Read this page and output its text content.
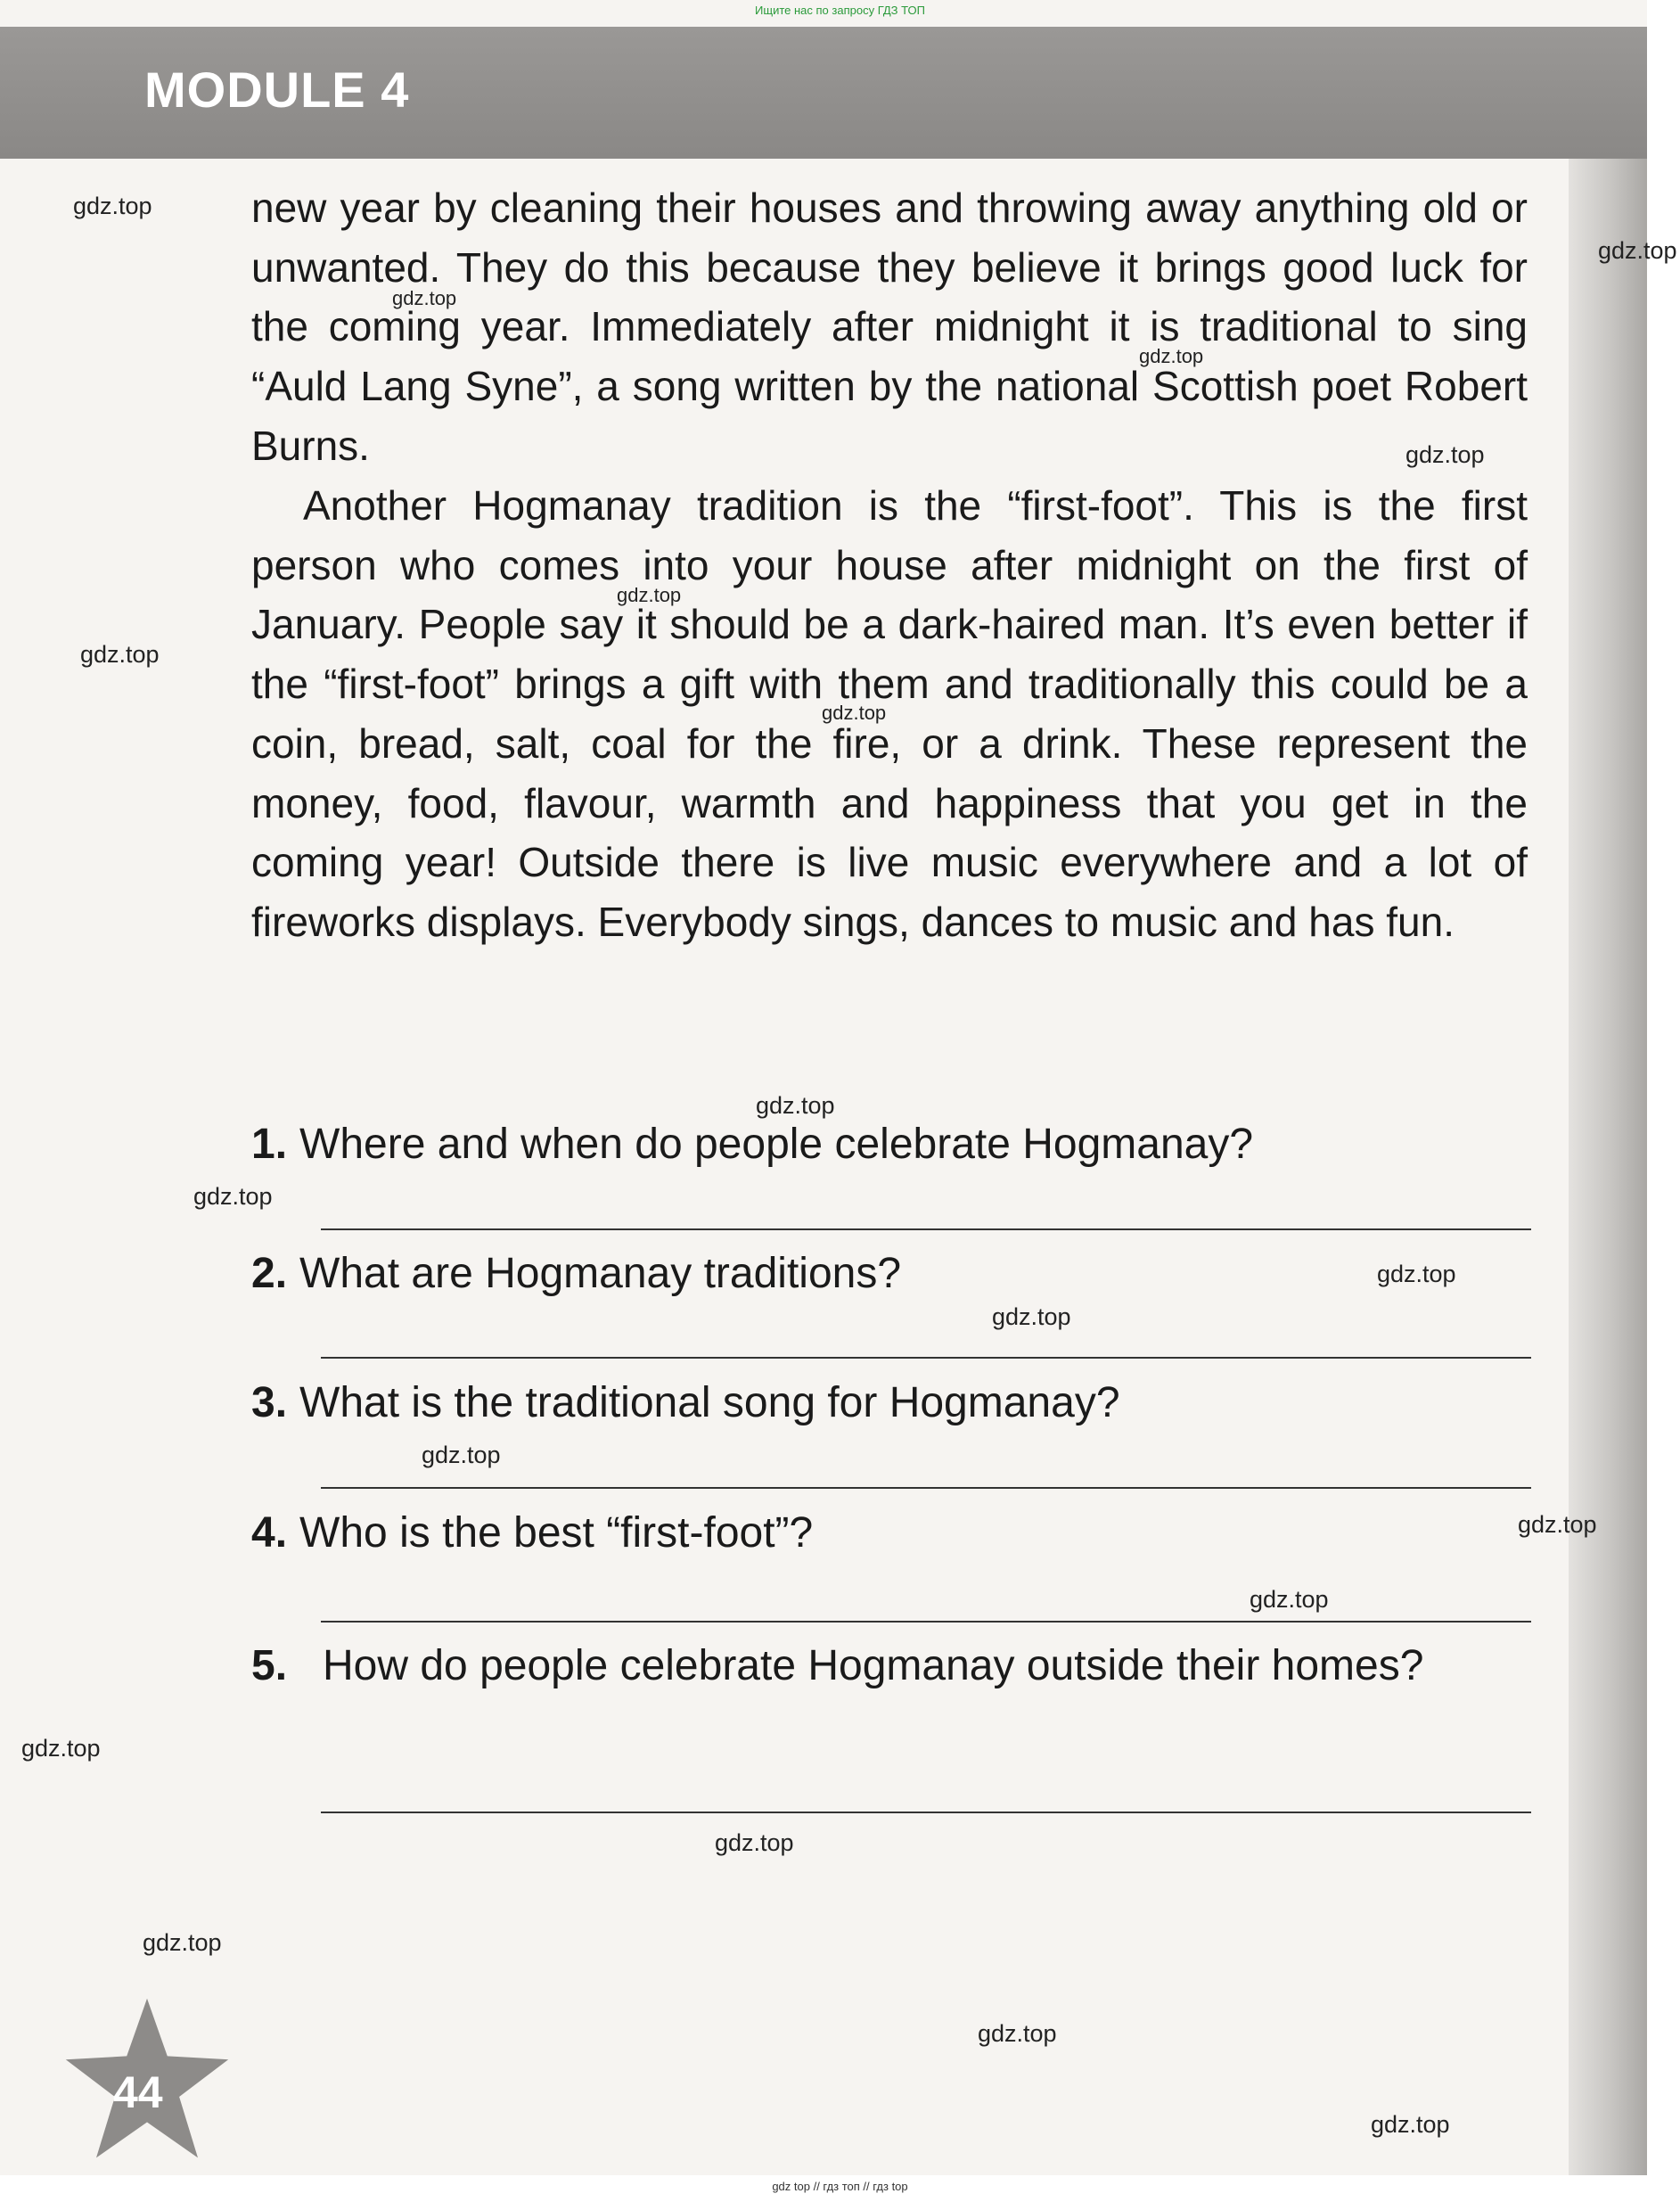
Ищите нас по запросу ГДЗ ТОП
MODULE 4

new year by cleaning their houses and throwing away anything old or unwanted. They do this because they believe it brings good luck for the coming year. Immediately after midnight it is traditional to sing “Auld Lang Syne”, a song written by the national Scottish poet Robert Burns.

Another Hogmanay tradition is the “first-foot”. This is the first person who comes into your house after midnight on the first of January. People say it should be a dark-haired man. It’s even better if the “first-foot” brings a gift with them and traditionally this could be a coin, bread, salt, coal for the fire, or a drink. These represent the money, food, flavour, warmth and happiness that you get in the coming year! Outside there is live music everywhere and a lot of fireworks displays. Everybody sings, dances to music and has fun.

1. Where and when do people celebrate Hogmanay?
2. What are Hogmanay traditions?
3. What is the traditional song for Hogmanay?
4. Who is the best “first-foot”?
5.	How do people celebrate Hogmanay outside their homes?
44
gdz.top
gdz.top
gdz.top
gdz.top
gdz.top
gdz.top
gdz.top
gdz.top
gdz.top
gdz.top
gdz.top
gdz.top
gdz.top
gdz.top
gdz.top
gdz.top
gdz.top
gdz.top
gdz.top
gdz.top
gdz top // гдз топ // гдз top
